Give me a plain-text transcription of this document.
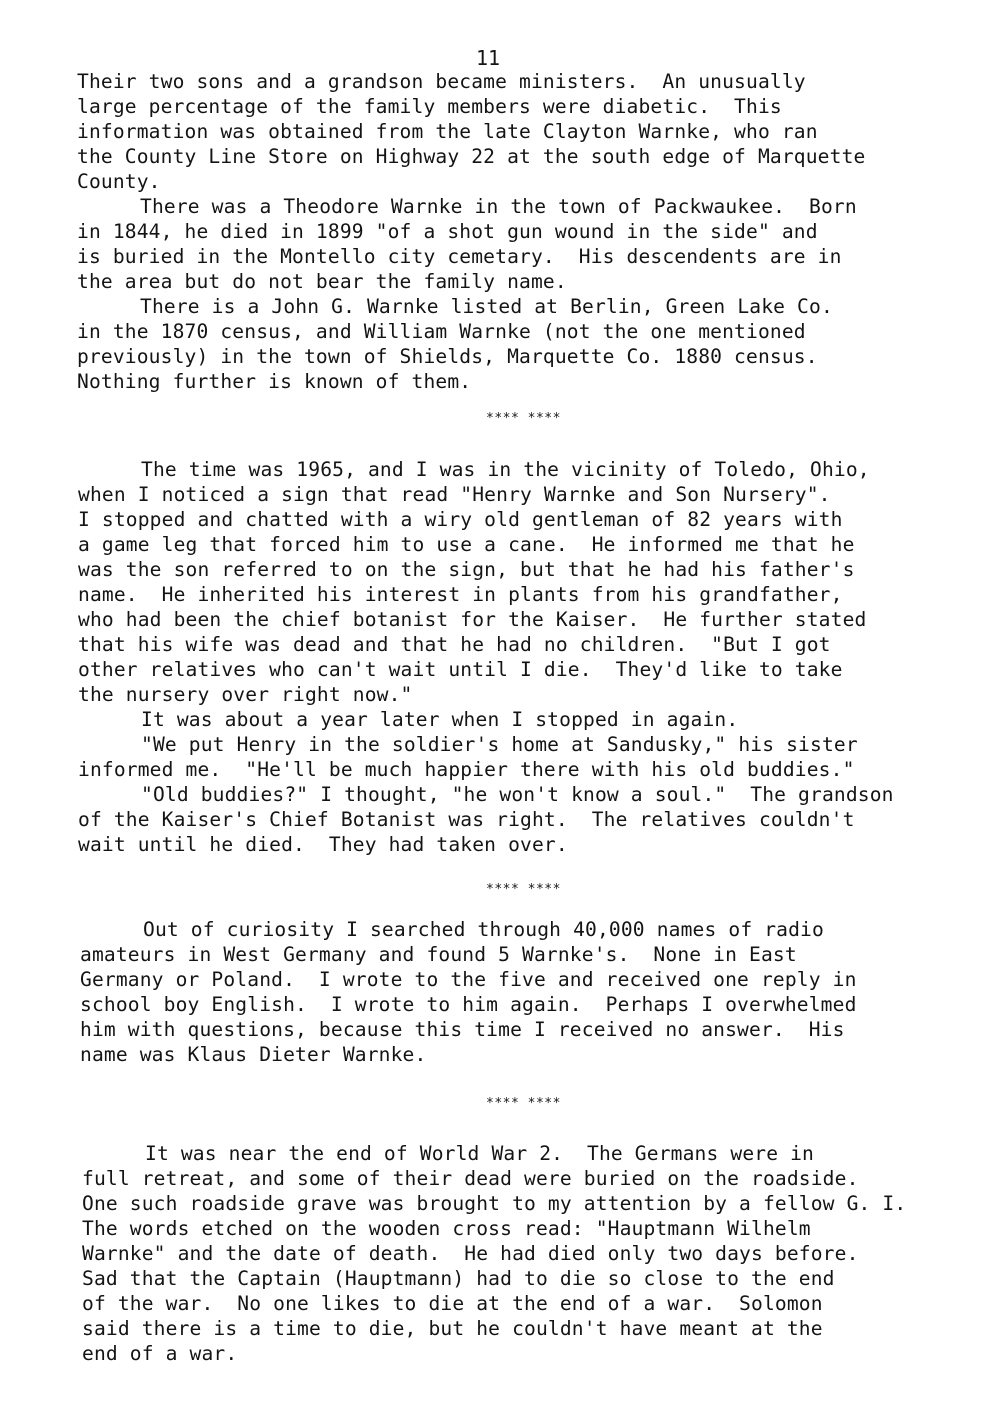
11
Their two sons and a grandson became ministers.  An unusually
large percentage of the family members were diabetic.  This
information was obtained from the late Clayton Warnke, who ran
the County Line Store on Highway 22 at the south edge of Marquette
County.
There was a Theodore Warnke in the town of Packwaukee.  Born
in 1844, he died in 1899 "of a shot gun wound in the side" and
is buried in the Montello city cemetary.  His descendents are in
the area but do not bear the family name.
There is a John G. Warnke listed at Berlin, Green Lake Co.
in the 1870 census, and William Warnke (not the one mentioned
previously) in the town of Shields, Marquette Co. 1880 census.
Nothing further is known of them.
**** ****
The time was 1965, and I was in the vicinity of Toledo, Ohio,
when I noticed a sign that read "Henry Warnke and Son Nursery".
I stopped and chatted with a wiry old gentleman of 82 years with
a game leg that forced him to use a cane.  He informed me that he
was the son referred to on the sign, but that he had his father's
name.  He inherited his interest in plants from his grandfather,
who had been the chief botanist for the Kaiser.  He further stated
that his wife was dead and that he had no children.  "But I got
other relatives who can't wait until I die.  They'd like to take
the nursery over right now."
It was about a year later when I stopped in again.
"We put Henry in the soldier's home at Sandusky," his sister
informed me.  "He'll be much happier there with his old buddies."
"Old buddies?" I thought, "he won't know a soul."  The grandson
of the Kaiser's Chief Botanist was right.  The relatives couldn't
wait until he died.  They had taken over.
**** ****
Out of curiosity I searched through 40,000 names of radio
amateurs in West Germany and found 5 Warnke's.  None in East
Germany or Poland.  I wrote to the five and received one reply in
school boy English.  I wrote to him again.  Perhaps I overwhelmed
him with questions, because this time I received no answer.  His
name was Klaus Dieter Warnke.
**** ****
It was near the end of World War 2.  The Germans were in
full retreat, and some of their dead were buried on the roadside.
One such roadside grave was brought to my attention by a fellow G. I.
The words etched on the wooden cross read: "Hauptmann Wilhelm
Warnke" and the date of death.  He had died only two days before.
Sad that the Captain (Hauptmann) had to die so close to the end
of the war.  No one likes to die at the end of a war.  Solomon
said there is a time to die, but he couldn't have meant at the
end of a war.
